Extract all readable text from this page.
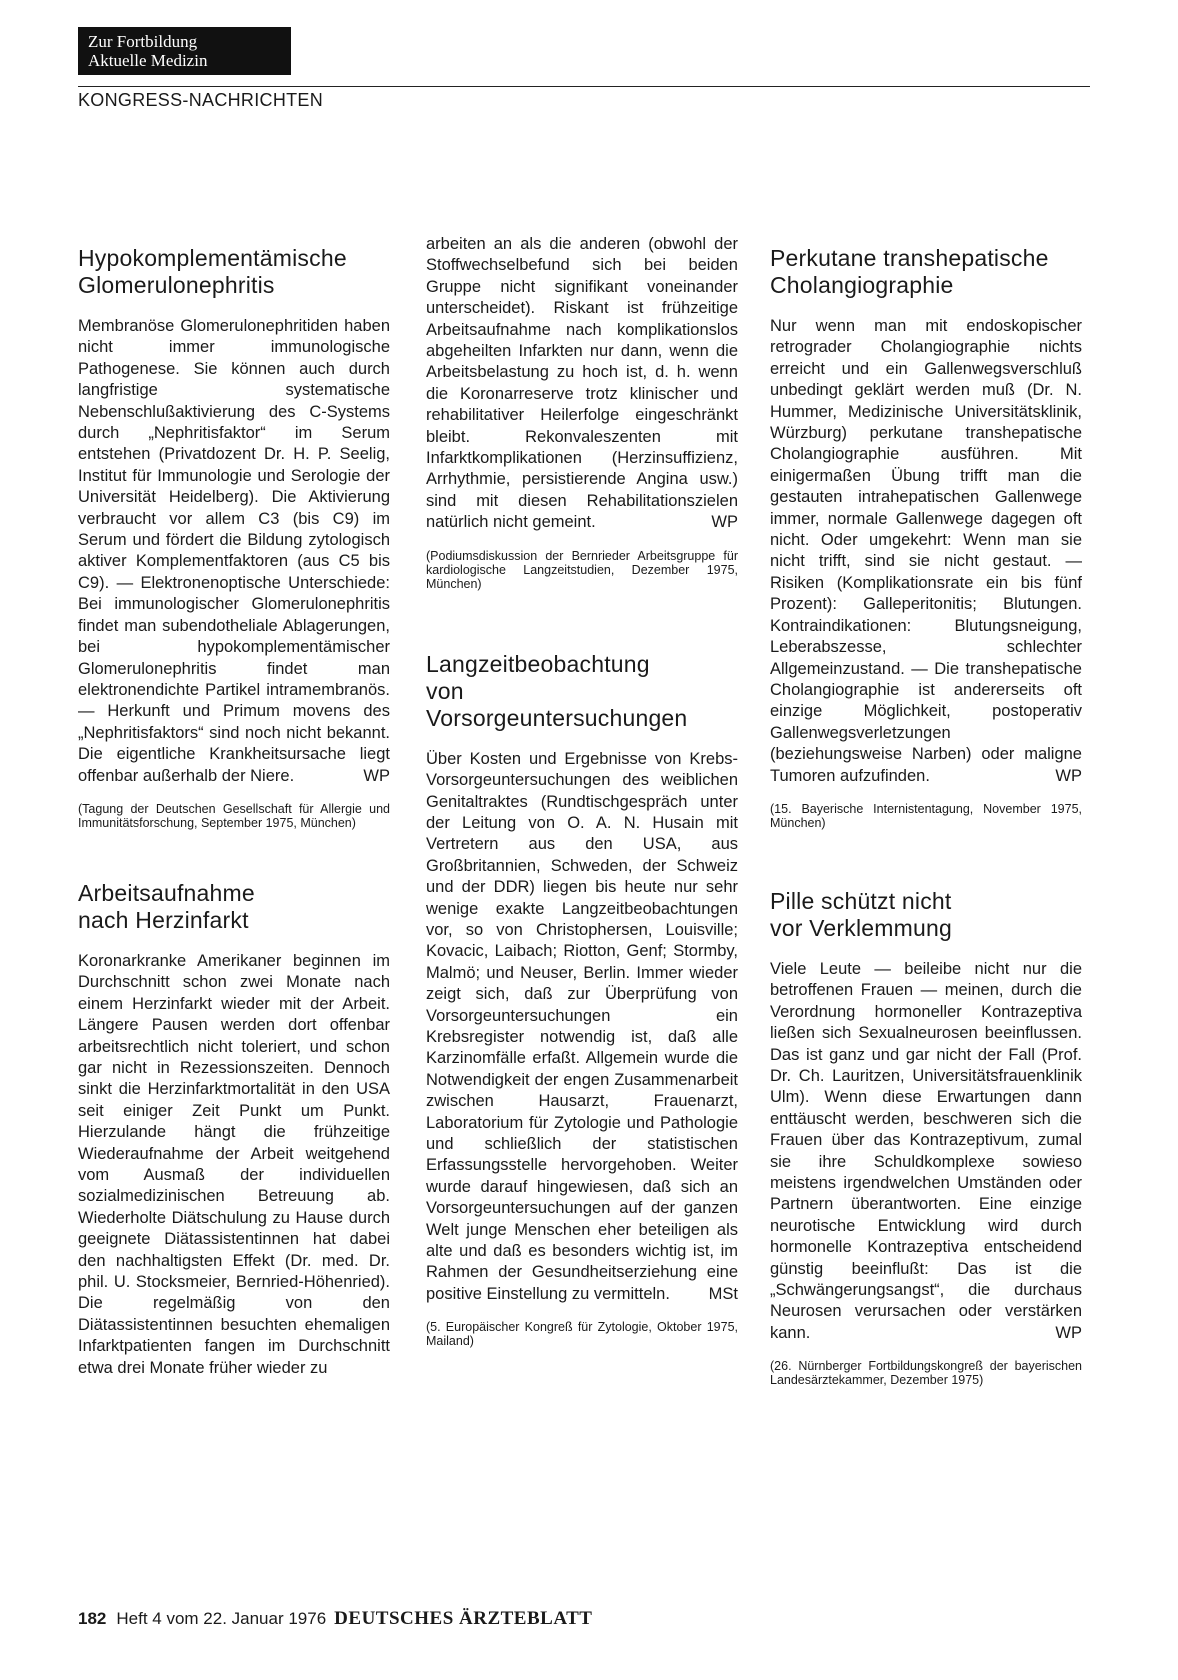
Zur Fortbildung
Aktuelle Medizin
KONGRESS-NACHRICHTEN
Hypokomplementämische
Glomerulonephritis

Membranöse Glomerulonephritiden haben nicht immer immunologische Pathogenese. Sie können auch durch langfristige systematische Nebenschlußaktivierung des C-Systems durch „Nephritisfaktor“ im Serum entstehen (Privatdozent Dr. H. P. Seelig, Institut für Immunologie und Serologie der Universität Heidelberg). Die Aktivierung verbraucht vor allem C3 (bis C9) im Serum und fördert die Bildung zytologisch aktiver Komplementfaktoren (aus C5 bis C9). — Elektronenoptische Unterschiede: Bei immunologischer Glomerulonephritis findet man subendotheliale Ablagerungen, bei hypokomplementämischer Glomerulonephritis findet man elektronendichte Partikel intramembranös. — Herkunft und Primum movens des „Nephritisfaktors“ sind noch nicht bekannt. Die eigentliche Krankheitsursache liegt offenbar außerhalb der Niere.	WP

(Tagung der Deutschen Gesellschaft für Allergie und Immunitätsforschung, September 1975, München)

Arbeitsaufnahme
nach Herzinfarkt

Koronarkranke Amerikaner beginnen im Durchschnitt schon zwei Monate nach einem Herzinfarkt wieder mit der Arbeit. Längere Pausen werden dort offenbar arbeitsrechtlich nicht toleriert, und schon gar nicht in Rezessionszeiten. Dennoch sinkt die Herzinfarktmortalität in den USA seit einiger Zeit Punkt um Punkt. Hierzulande hängt die frühzeitige Wiederaufnahme der Arbeit weitgehend vom Ausmaß der individuellen sozialmedizinischen Betreuung ab. Wiederholte Diätschulung zu Hause durch geeignete Diätassistentinnen hat dabei den nachhaltigsten Effekt (Dr. med. Dr. phil. U. Stocksmeier, Bernried-Höhenried). Die regelmäßig von den Diätassistentinnen besuchten ehemaligen Infarktpatienten fangen im Durchschnitt etwa drei Monate früher wieder zu

arbeiten an als die anderen (obwohl der Stoffwechselbefund sich bei beiden Gruppe nicht signifikant voneinander unterscheidet). Riskant ist frühzeitige Arbeitsaufnahme nach komplikationslos abgeheilten Infarkten nur dann, wenn die Arbeitsbelastung zu hoch ist, d. h. wenn die Koronarreserve trotz klinischer und rehabilitativer Heilerfolge eingeschränkt bleibt. Rekonvaleszenten mit Infarktkomplikationen (Herzinsuffizienz, Arrhythmie, persistierende Angina usw.) sind mit diesen Rehabilitationszielen natürlich nicht gemeint.	WP

(Podiumsdiskussion der Bernrieder Arbeitsgruppe für kardiologische Langzeitstudien, Dezember 1975, München)

Langzeitbeobachtung
von
Vorsorgeuntersuchungen

Über Kosten und Ergebnisse von Krebs-Vorsorgeuntersuchungen des weiblichen Genitaltraktes (Rundtischgespräch unter der Leitung von O. A. N. Husain mit Vertretern aus den USA, aus Großbritannien, Schweden, der Schweiz und der DDR) liegen bis heute nur sehr wenige exakte Langzeitbeobachtungen vor, so von Christophersen, Louisville; Kovacic, Laibach; Riotton, Genf; Stormby, Malmö; und Neuser, Berlin. Immer wieder zeigt sich, daß zur Überprüfung von Vorsorgeuntersuchungen ein Krebsregister notwendig ist, daß alle Karzinomfälle erfaßt. Allgemein wurde die Notwendigkeit der engen Zusammenarbeit zwischen Hausarzt, Frauenarzt, Laboratorium für Zytologie und Pathologie und schließlich der statistischen Erfassungsstelle hervorgehoben. Weiter wurde darauf hingewiesen, daß sich an Vorsorgeuntersuchungen auf der ganzen Welt junge Menschen eher beteiligen als alte und daß es besonders wichtig ist, im Rahmen der Gesundheitserziehung eine positive Einstellung zu vermitteln. MSt

(5. Europäischer Kongreß für Zytologie, Oktober 1975, Mailand)

Perkutane transhepatische
Cholangiographie

Nur wenn man mit endoskopischer retrograder Cholangiographie nichts erreicht und ein Gallenwegsverschluß unbedingt geklärt werden muß (Dr. N. Hummer, Medizinische Universitätsklinik, Würzburg) perkutane transhepatische Cholangiographie ausführen. Mit einigermaßen Übung trifft man die gestauten intrahepatischen Gallenwege immer, normale Gallenwege dagegen oft nicht. Oder umgekehrt: Wenn man sie nicht trifft, sind sie nicht gestaut. — Risiken (Komplikationsrate ein bis fünf Prozent): Galleperitonitis; Blutungen. Kontraindikationen: Blutungsneigung, Leberabszesse, schlechter Allgemeinzustand. — Die transhepatische Cholangiographie ist andererseits oft einzige Möglichkeit, postoperativ Gallenwegsverletzungen (beziehungsweise Narben) oder maligne Tumoren aufzufinden.	WP

(15. Bayerische Internistentagung, November 1975, München)

Pille schützt nicht
vor Verklemmung

Viele Leute — beileibe nicht nur die betroffenen Frauen — meinen, durch die Verordnung hormoneller Kontrazeptiva ließen sich Sexualneurosen beeinflussen. Das ist ganz und gar nicht der Fall (Prof. Dr. Ch. Lauritzen, Universitätsfrauenklinik Ulm). Wenn diese Erwartungen dann enttäuscht werden, beschweren sich die Frauen über das Kontrazeptivum, zumal sie ihre Schuldkomplexe sowieso meistens irgendwelchen Umständen oder Partnern überantworten. Eine einzige neurotische Entwicklung wird durch hormonelle Kontrazeptiva entscheidend günstig beeinflußt: Das ist die „Schwängerungsangst“, die durchaus Neurosen verursachen oder verstärken kann.	WP

(26. Nürnberger Fortbildungskongreß der bayerischen Landesärztekammer, Dezember 1975)

182 Heft 4 vom 22. Januar 1976 DEUTSCHES ÄRZTEBLATT
